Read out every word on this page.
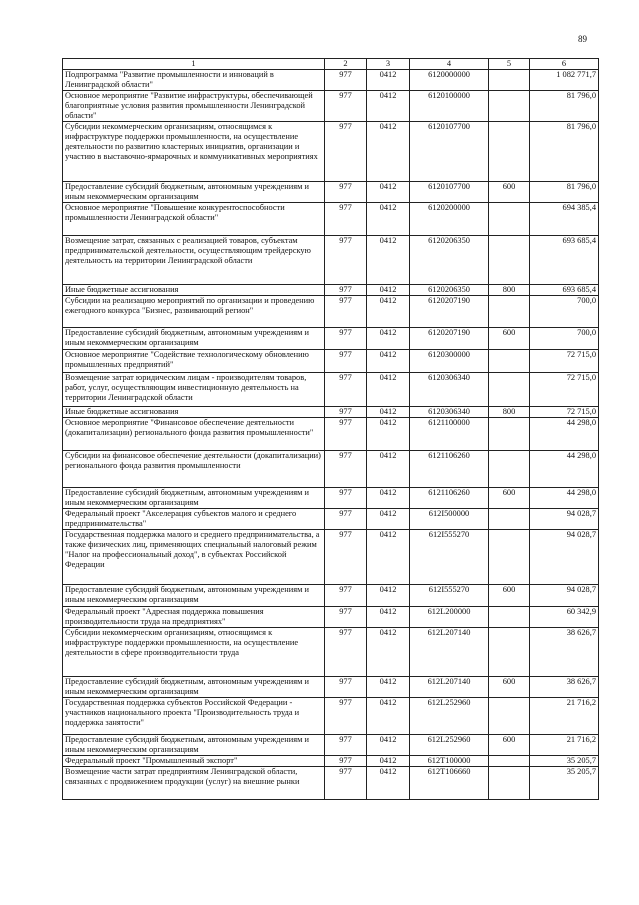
89
1	2	3	4	5	6
Подпрограмма "Развитие промышленности и инноваций в Ленинградской области"	977	0412	6120000000		1 082 771,7
Основное мероприятие "Развитие инфраструктуры, обеспечивающей благоприятные условия развития промышленности Ленинградской области"	977	0412	6120100000		81 796,0
Субсидии некоммерческим организациям, относящимся к инфраструктуре поддержки промышленности, на осуществление деятельности по развитию кластерных инициатив, организации и участию в выставочно-ярмарочных и коммуникативных мероприятиях	977	0412	6120107700		81 796,0
Предоставление субсидий бюджетным, автономным учреждениям и иным некоммерческим организациям	977	0412	6120107700	600	81 796,0
Основное мероприятие "Повышение конкурентоспособности промышленности Ленинградской области"	977	0412	6120200000		694 385,4
Возмещение затрат, связанных с реализацией товаров, субъектам предпринимательской деятельности, осуществляющим трейдерскую деятельность на территории Ленинградской области	977	0412	6120206350		693 685,4
Иные бюджетные ассигнования	977	0412	6120206350	800	693 685,4
Субсидии на реализацию мероприятий по организации и проведению ежегодного конкурса "Бизнес, развивающий регион"	977	0412	6120207190		700,0
Предоставление субсидий бюджетным, автономным учреждениям и иным некоммерческим организациям	977	0412	6120207190	600	700,0
Основное мероприятие "Содействие технологическому обновлению промышленных предприятий"	977	0412	6120300000		72 715,0
Возмещение затрат юридическим лицам - производителям товаров, работ, услуг, осуществляющим инвестиционную деятельность на территории Ленинградской области	977	0412	6120306340		72 715,0
Иные бюджетные ассигнования	977	0412	6120306340	800	72 715,0
Основное мероприятие "Финансовое обеспечение деятельности (докапитализации) регионального фонда развития промышленности"	977	0412	6121100000		44 298,0
Субсидии на финансовое обеспечение деятельности (докапитализации) регионального фонда развития промышленности	977	0412	6121106260		44 298,0
Предоставление субсидий бюджетным, автономным учреждениям и иным некоммерческим организациям	977	0412	6121106260	600	44 298,0
Федеральный проект "Акселерация субъектов малого и среднего предпринимательства"	977	0412	612I500000		94 028,7
Государственная поддержка малого и среднего предпринимательства, а также физических лиц, применяющих специальный налоговый режим "Налог на профессиональный доход", в субъектах Российской Федерации	977	0412	612I555270		94 028,7
Предоставление субсидий бюджетным, автономным учреждениям и иным некоммерческим организациям	977	0412	612I555270	600	94 028,7
Федеральный проект "Адресная поддержка повышения производительности труда на предприятиях"	977	0412	612L200000		60 342,9
Субсидии некоммерческим организациям, относящимся к инфраструктуре поддержки промышленности, на осуществление деятельности в сфере производительности труда	977	0412	612L207140		38 626,7
Предоставление субсидий бюджетным, автономным учреждениям и иным некоммерческим организациям	977	0412	612L207140	600	38 626,7
Государственная поддержка субъектов Российской Федерации - участников национального проекта "Производительность труда и поддержка занятости"	977	0412	612L252960		21 716,2
Предоставление субсидий бюджетным, автономным учреждениям и иным некоммерческим организациям	977	0412	612L252960	600	21 716,2
Федеральный проект "Промышленный экспорт"	977	0412	612T100000		35 205,7
Возмещение части затрат предприятиям Ленинградской области, связанных с продвижением продукции (услуг) на внешние рынки	977	0412	612T106660		35 205,7
